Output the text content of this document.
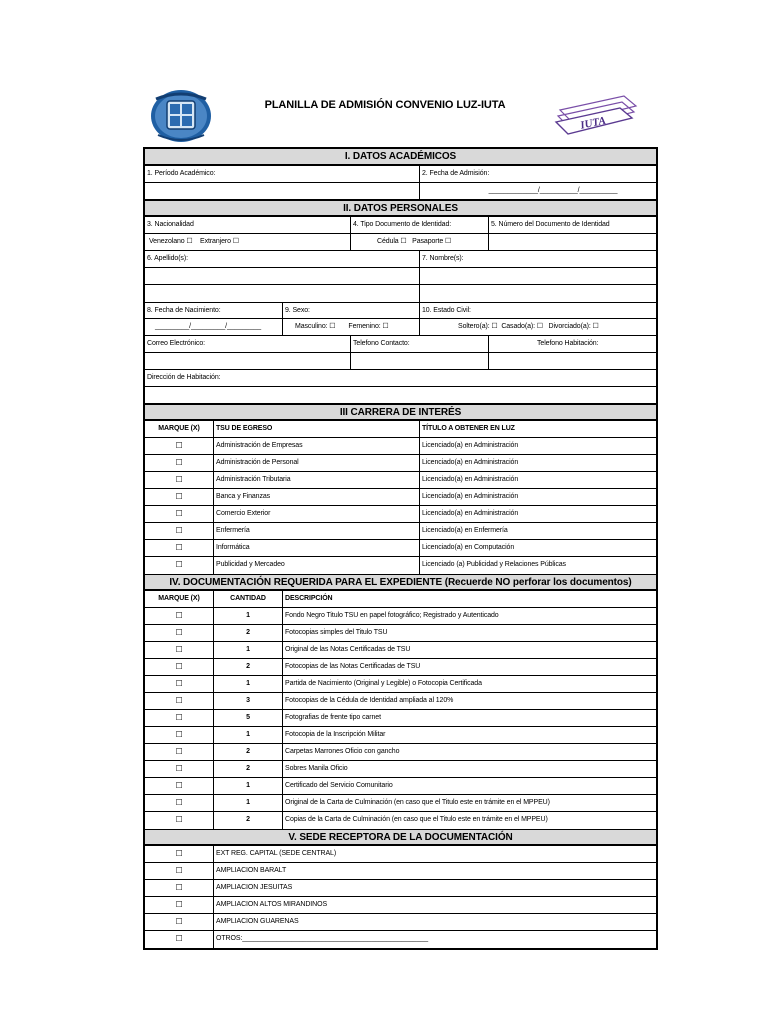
PLANILLA DE ADMISIÓN CONVENIO LUZ-IUTA
IUTA
I. DATOS ACADÉMICOS
1. Período Académico:	2. Fecha de Admisión:
_____________/__________/__________
II. DATOS PERSONALES
3. Nacionalidad	4. Tipo Documento de Identidad:	5. Número del Documento de Identidad
Venezolano ☐ Extranjero ☐	Cédula ☐ Pasaporte ☐
6. Apellido(s):	7. Nombre(s):
8. Fecha de Nacimiento:	9. Sexo:	10. Estado Civil:
_________/_________/_________	Masculino: ☐ Femenino: ☐	Soltero(a): ☐ Casado(a): ☐ Divorciado(a): ☐
Correo Electrónico:	Telefono Contacto:	Telefono Habitación:
Dirección de Habitación:
III CARRERA DE INTERÉS
MARQUE (X)	TSU DE EGRESO	TÍTULO A OBTENER EN LUZ
☐	Administración de Empresas	Licenciado(a) en Administración
☐	Administración de Personal	Licenciado(a) en Administración
☐	Administración Tributaria	Licenciado(a) en Administración
☐	Banca y Finanzas	Licenciado(a) en Administración
☐	Comercio Exterior	Licenciado(a) en Administración
☐	Enfermería	Licenciado(a) en Enfermería
☐	Informática	Licenciado(a) en Computación
☐	Publicidad y Mercadeo	Licenciado (a) Publicidad y Relaciones Públicas
IV. DOCUMENTACIÓN REQUERIDA PARA EL EXPEDIENTE (Recuerde NO perforar los documentos)
MARQUE (X)	CANTIDAD	DESCRIPCIÓN
☐	1	Fondo Negro Titulo TSU en papel fotográfico; Registrado y Autenticado
☐	2	Fotocopias simples del Titulo TSU
☐	1	Original de las Notas Certificadas de TSU
☐	2	Fotocopias de las Notas Certificadas de TSU
☐	1	Partida de Nacimiento (Original y Legible) o Fotocopia Certificada
☐	3	Fotocopias de la Cédula de Identidad ampliada al 120%
☐	5	Fotografias de frente tipo carnet
☐	1	Fotocopia de la Inscripción Militar
☐	2	Carpetas Marrones Oficio con gancho
☐	2	Sobres Manila Oficio
☐	1	Certificado del Servicio Comunitario
☐	1	Original de la Carta de Culminación (en caso que el Titulo este en trámite en el MPPEU)
☐	2	Copias de la Carta de Culminación (en caso que el Titulo este en trámite en el MPPEU)
V. SEDE RECEPTORA DE LA DOCUMENTACIÓN
☐	EXT REG. CAPITAL (SEDE CENTRAL)
☐	AMPLIACION BARALT
☐	AMPLIACION JESUITAS
☐	AMPLIACION ALTOS MIRANDINOS
☐	AMPLIACION GUARENAS
☐	OTROS:_________________________________________________
